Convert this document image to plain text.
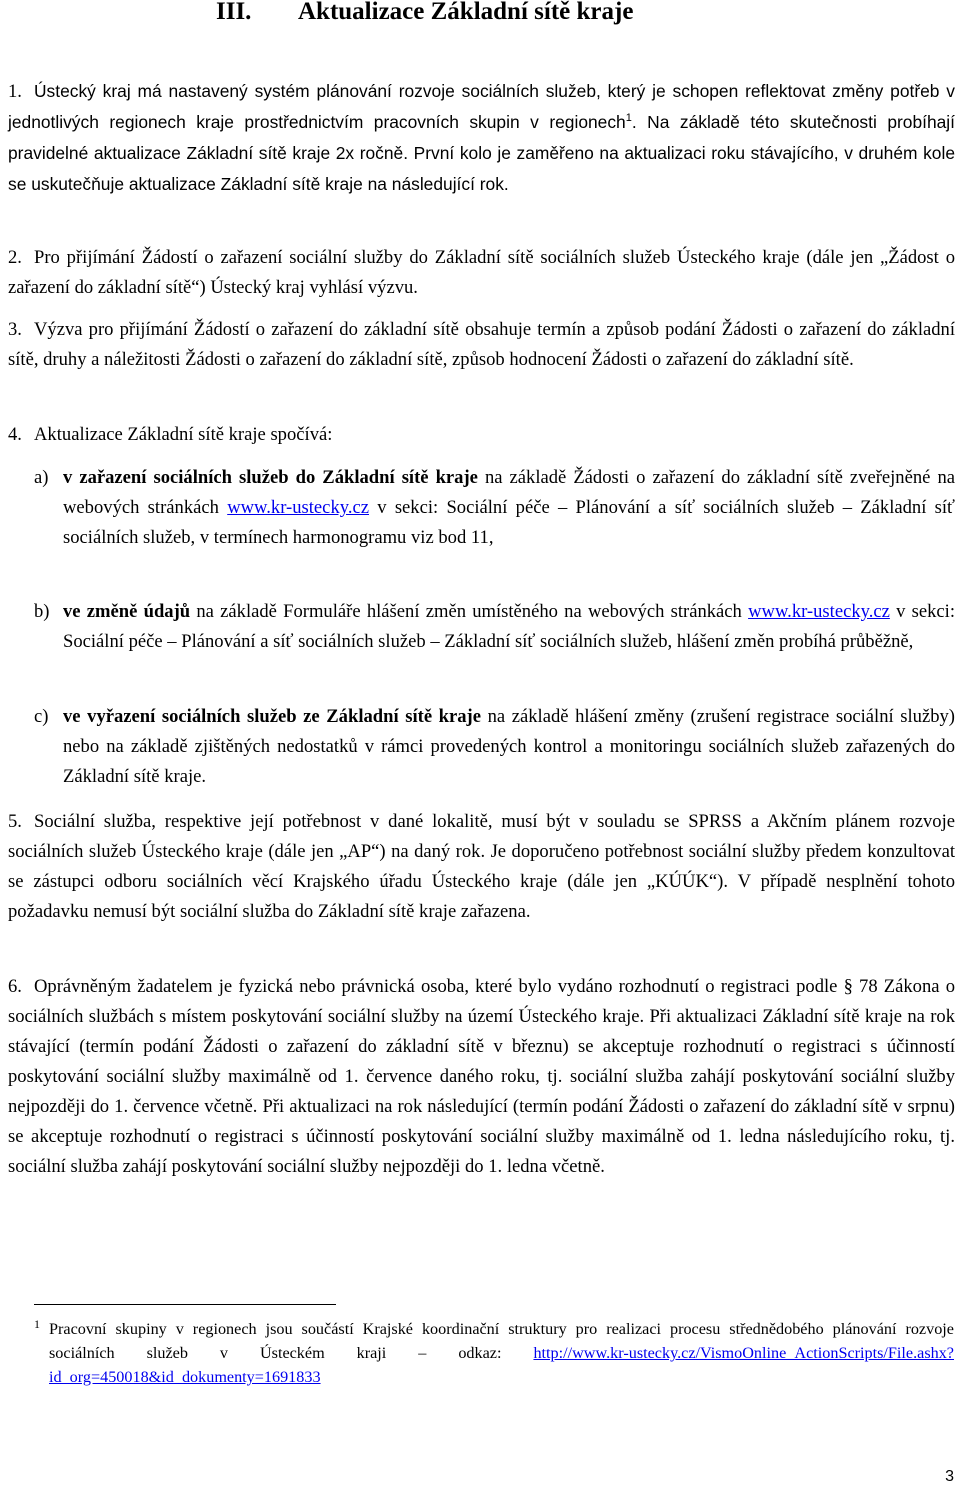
III. Aktualizace Základní sítě kraje
1. Ústecký kraj má nastavený systém plánování rozvoje sociálních služeb, který je schopen reflektovat změny potřeb v jednotlivých regionech kraje prostřednictvím pracovních skupin v regionech$^1$. Na základě této skutečnosti probíhají pravidelné aktualizace Základní sítě kraje 2x ročně. První kolo je zaměřeno na aktualizaci roku stávajícího, v druhém kole se uskutečňuje aktualizace Základní sítě kraje na následující rok.
2. Pro přijímání Žádostí o zařazení sociální služby do Základní sítě sociálních služeb Ústeckého kraje (dále jen „Žádost o zařazení do základní sítě“) Ústecký kraj vyhlásí výzvu.
3. Výzva pro přijímání Žádostí o zařazení do základní sítě obsahuje termín a způsob podání Žádosti o zařazení do základní sítě, druhy a náležitosti Žádosti o zařazení do základní sítě, způsob hodnocení Žádosti o zařazení do základní sítě.
4. Aktualizace Základní sítě kraje spočívá:
a) v zařazení sociálních služeb do Základní sítě kraje na základě Žádosti o zařazení do základní sítě zveřejněné na webových stránkách www.kr-ustecky.cz v sekci: Sociální péče – Plánování a síť sociálních služeb – Základní síť sociálních služeb, v termínech harmonogramu viz bod 11,
b) ve změně údajů na základě Formuláře hlášení změn umístěného na webových stránkách www.kr-ustecky.cz v sekci: Sociální péče – Plánování a síť sociálních služeb – Základní síť sociálních služeb, hlášení změn probíhá průběžně,
c) ve vyřazení sociálních služeb ze Základní sítě kraje na základě hlášení změny (zrušení registrace sociální služby) nebo na základě zjištěných nedostatků v rámci provedených kontrol a monitoringu sociálních služeb zařazených do Základní sítě kraje.
5. Sociální služba, respektive její potřebnost v dané lokalitě, musí být v souladu se SPRSS a Akčním plánem rozvoje sociálních služeb Ústeckého kraje (dále jen „AP“) na daný rok. Je doporučeno potřebnost sociální služby předem konzultovat se zástupci odboru sociálních věcí Krajského úřadu Ústeckého kraje (dále jen „KÚÚK“). V případě nesplnění tohoto požadavku nemusí být sociální služba do Základní sítě kraje zařazena.
6. Oprávněným žadatelem je fyzická nebo právnická osoba, které bylo vydáno rozhodnutí o registraci podle § 78 Zákona o sociálních službách s místem poskytování sociální služby na území Ústeckého kraje. Při aktualizaci Základní sítě kraje na rok stávající (termín podání Žádosti o zařazení do základní sítě v březnu) se akceptuje rozhodnutí o registraci s účinností poskytování sociální služby maximálně od 1. července daného roku, tj. sociální služba zahájí poskytování sociální služby nejpozději do 1. července včetně. Při aktualizaci na rok následující (termín podání Žádosti o zařazení do základní sítě v srpnu) se akceptuje rozhodnutí o registraci s účinností poskytování sociální služby maximálně od 1. ledna následujícího roku, tj. sociální služba zahájí poskytování sociální služby nejpozději do 1. ledna včetně.
1 Pracovní skupiny v regionech jsou součástí Krajské koordinační struktury pro realizaci procesu střednědobého plánování rozvoje sociálních služeb v Ústeckém kraji – odkaz: http://www.kr-ustecky.cz/VismoOnline_ActionScripts/File.ashx?id_org=450018&id_dokumenty=1691833
3
